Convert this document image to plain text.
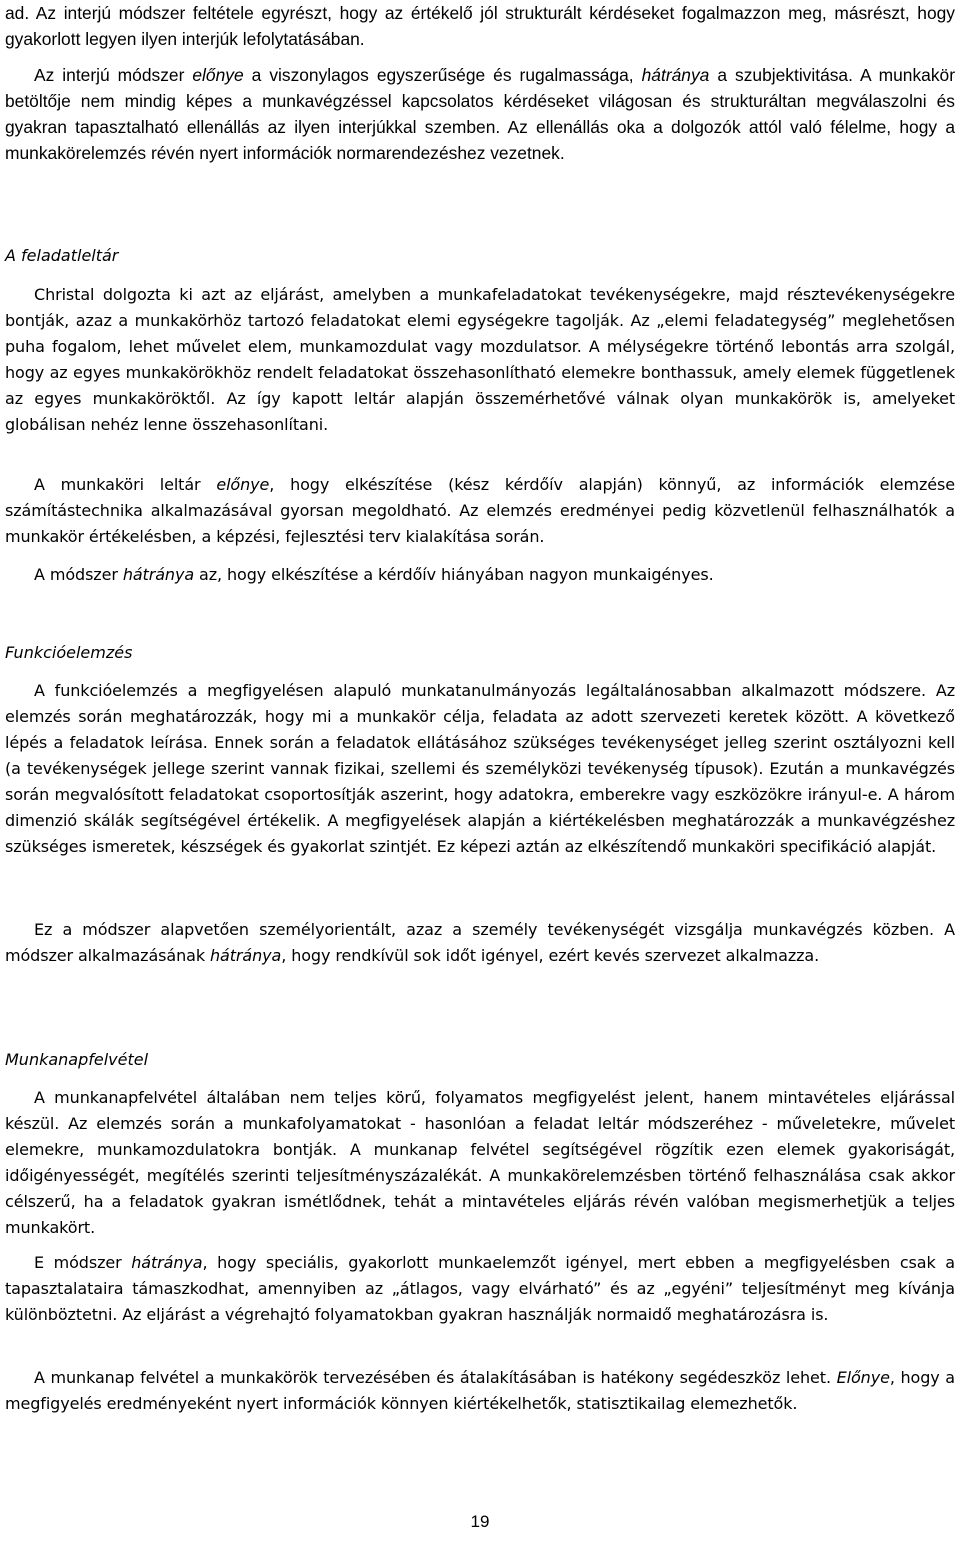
ad. Az interjú módszer feltétele egyrészt, hogy az értékelő jól strukturált kérdéseket fogalmazzon meg, másrészt, hogy gyakorlott legyen ilyen interjúk lefolytatásában.
Az interjú módszer előnye a viszonylagos egyszerűsége és rugalmassága, hátránya a szubjektivitása. A munkakör betöltője nem mindig képes a munkavégzéssel kapcsolatos kérdéseket világosan és strukturáltan megválaszolni és gyakran tapasztalható ellenállás az ilyen interjúkkal szemben. Az ellenállás oka a dolgozók attól való félelme, hogy a munkakörelemzés révén nyert információk normarendezéshez vezetnek.
A feladatleltár
Christal dolgozta ki azt az eljárást, amelyben a munkafeladatokat tevékenységekre, majd résztevékenységekre bontják, azaz a munkakörhöz tartozó feladatokat elemi egységekre tagolják. Az „elemi feladategység” meglehetősen puha fogalom, lehet művelet elem, munkamozdulat vagy mozdulatsor. A mélységekre történő lebontás arra szolgál, hogy az egyes munkakörökhöz rendelt feladatokat összehasonlítható elemekre bonthassuk, amely elemek függetlenek az egyes munkaköröktől. Az így kapott leltár alapján összemérhetővé válnak olyan munkakörök is, amelyeket globálisan nehéz lenne összehasonlítani.
A munkaköri leltár előnye, hogy elkészítése (kész kérdőív alapján) könnyű, az információk elemzése számítástechnika alkalmazásával gyorsan megoldható. Az elemzés eredményei pedig közvetlenül felhasználhatók a munkakör értékelésben, a képzési, fejlesztési terv kialakítása során.
A módszer hátránya az, hogy elkészítése a kérdőív hiányában nagyon munkaigényes.
Funkcióelemzés
A funkcióelemzés a megfigyelésen alapuló munkatanulmányozás legáltalánosabban alkalmazott módszere. Az elemzés során meghatározzák, hogy mi a munkakör célja, feladata az adott szervezeti keretek között. A következő lépés a feladatok leírása. Ennek során a feladatok ellátásához szükséges tevékenységet jelleg szerint osztályozni kell (a tevékenységek jellege szerint vannak fizikai, szellemi és személyközi tevékenység típusok). Ezután a munkavégzés során megvalósított feladatokat csoportosítják aszerint, hogy adatokra, emberekre vagy eszközökre irányul-e. A három dimenzió skálák segítségével értékelik. A megfigyelések alapján a kiértékelésben meghatározzák a munkavégzéshez szükséges ismeretek, készségek és gyakorlat szintjét. Ez képezi aztán az elkészítendő munkaköri specifikáció alapját.
Ez a módszer alapvetően személyorientált, azaz a személy tevékenységét vizsgálja munkavégzés közben. A módszer alkalmazásának hátránya, hogy rendkívül sok időt igényel, ezért kevés szervezet alkalmazza.
Munkanapfelvétel
A munkanapfelvétel általában nem teljes körű, folyamatos megfigyelést jelent, hanem mintavételes eljárással készül. Az elemzés során a munkafolyamatokat - hasonlóan a feladat leltár módszeréhez - műveletekre, művelet elemekre, munkamozdulatokra bontják. A munkanap felvétel segítségével rögzítik ezen elemek gyakoriságát, időigényességét, megítélés szerinti teljesítményszázalékát. A munkakörelemzésben történő felhasználása csak akkor célszerű, ha a feladatok gyakran ismétlődnek, tehát a mintavételes eljárás révén valóban megismerhetjük a teljes munkakört.
E módszer hátránya, hogy speciális, gyakorlott munkaelemzőt igényel, mert ebben a megfigyelésben csak a tapasztalataira támaszkodhat, amennyiben az „átlagos, vagy elvárható” és az „egyéni” teljesítményt meg kívánja különböztetni. Az eljárást a végrehajtó folyamatokban gyakran használják normaidő meghatározásra is.
A munkanap felvétel a munkakörök tervezésében és átalakításában is hatékony segédeszköz lehet. Előnye, hogy a megfigyelés eredményeként nyert információk könnyen kiértékelhetők, statisztikailag elemezhetők.
19
